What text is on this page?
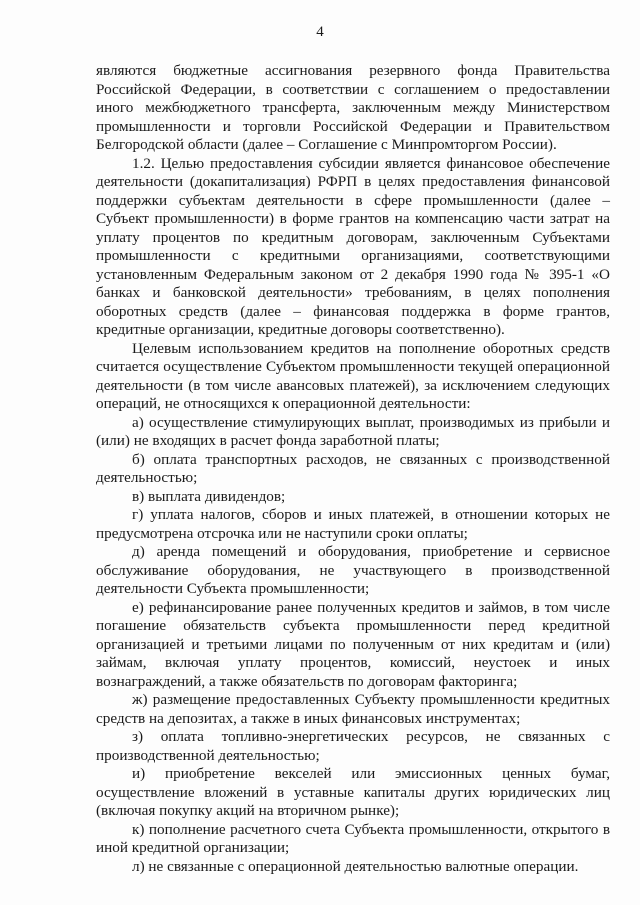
4

являются бюджетные ассигнования резервного фонда Правительства Российской Федерации, в соответствии с соглашением о предоставлении иного межбюджетного трансферта, заключенным между Министерством промышленности и торговли Российской Федерации и Правительством Белгородской области (далее – Соглашение с Минпромторгом России).

1.2. Целью предоставления субсидии является финансовое обеспечение деятельности (докапитализация) РФРП в целях предоставления финансовой поддержки субъектам деятельности в сфере промышленности (далее – Субъект промышленности) в форме грантов на компенсацию части затрат на уплату процентов по кредитным договорам, заключенным Субъектами промышленности с кредитными организациями, соответствующими установленным Федеральным законом от 2 декабря 1990 года № 395-1 «О банках и банковской деятельности» требованиям, в целях пополнения оборотных средств (далее – финансовая поддержка в форме грантов, кредитные организации, кредитные договоры соответственно).

Целевым использованием кредитов на пополнение оборотных средств считается осуществление Субъектом промышленности текущей операционной деятельности (в том числе авансовых платежей), за исключением следующих операций, не относящихся к операционной деятельности:

а) осуществление стимулирующих выплат, производимых из прибыли и (или) не входящих в расчет фонда заработной платы;

б) оплата транспортных расходов, не связанных с производственной деятельностью;

в) выплата дивидендов;

г) уплата налогов, сборов и иных платежей, в отношении которых не предусмотрена отсрочка или не наступили сроки оплаты;

д) аренда помещений и оборудования, приобретение и сервисное обслуживание оборудования, не участвующего в производственной деятельности Субъекта промышленности;

е) рефинансирование ранее полученных кредитов и займов, в том числе погашение обязательств субъекта промышленности перед кредитной организацией и третьими лицами по полученным от них кредитам и (или) займам, включая уплату процентов, комиссий, неустоек и иных вознаграждений, а также обязательств по договорам факторинга;

ж) размещение предоставленных Субъекту промышленности кредитных средств на депозитах, а также в иных финансовых инструментах;

з) оплата топливно-энергетических ресурсов, не связанных с производственной деятельностью;

и) приобретение векселей или эмиссионных ценных бумаг, осуществление вложений в уставные капиталы других юридических лиц (включая покупку акций на вторичном рынке);

к) пополнение расчетного счета Субъекта промышленности, открытого в иной кредитной организации;

л) не связанные с операционной деятельностью валютные операции.
